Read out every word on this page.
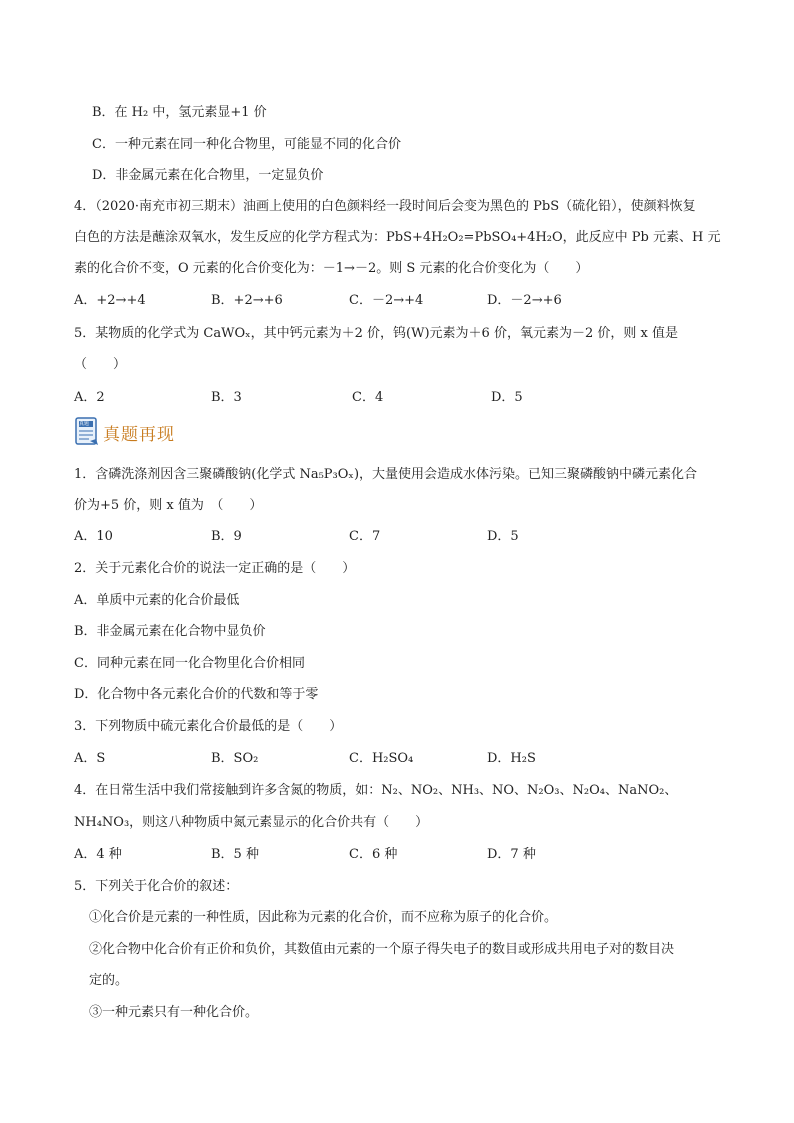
B．在 H₂ 中，氢元素显+1 价
C．一种元素在同一种化合物里，可能显不同的化合价
D．非金属元素在化合物里，一定显负价
4．（2020·南充市初三期末）油画上使用的白色颜料经一段时间后会变为黑色的 PbS（硫化铅），使颜料恢复
白色的方法是蘸涂双氧水，发生反应的化学方程式为：PbS+4H₂O₂=PbSO₄+4H₂O，此反应中 Pb 元素、H 元
素的化合价不变，O 元素的化合价变化为：－1→－2。则 S 元素的化合价变化为（　　）
A．+2→+4	B．+2→+6	C．－2→+4	D．－2→+6
5．某物质的化学式为 CaWOₓ，其中钙元素为＋2 价，钨(W)元素为＋6 价，氧元素为－2 价，则 x 值是
（　　）
A．2	B．3	C．4	D．5
真题
真题再现
1．含磷洗涤剂因含三聚磷酸钠(化学式 Na₅P₃Oₓ)，大量使用会造成水体污染。已知三聚磷酸钠中磷元素化合
价为+5 价，则 x 值为　（　　）
A．10	B．9	C．7	D．5
2．关于元素化合价的说法一定正确的是（　　）
A．单质中元素的化合价最低
B．非金属元素在化合物中显负价
C．同种元素在同一化合物里化合价相同
D．化合物中各元素化合价的代数和等于零
3．下列物质中硫元素化合价最低的是（　　）
A．S	B．SO₂	C．H₂SO₄	D．H₂S
4．在日常生活中我们常接触到许多含氮的物质，如：N₂、NO₂、NH₃、NO、N₂O₃、N₂O₄、NaNO₂、
NH₄NO₃，则这八种物质中氮元素显示的化合价共有（　　）
A．4 种	B．5 种	C．6 种	D．7 种
5．下列关于化合价的叙述：
①化合价是元素的一种性质，因此称为元素的化合价，而不应称为原子的化合价。
②化合物中化合价有正价和负价，其数值由元素的一个原子得失电子的数目或形成共用电子对的数目决
定的。
③一种元素只有一种化合价。
